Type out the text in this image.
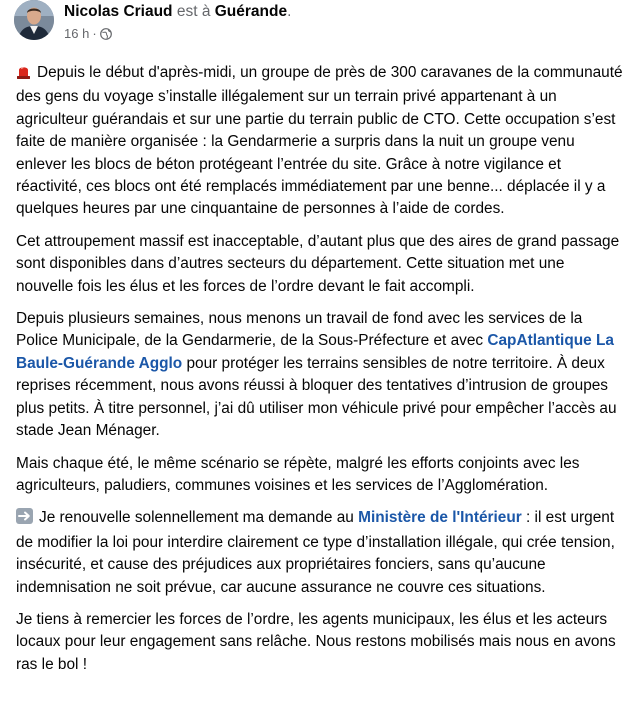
Nicolas Criaud est à Guérande.
16 h ·

Depuis le début d'après-midi, un groupe de près de 300 caravanes de la communauté des gens du voyage s’installe illégalement sur un terrain privé appartenant à un agriculteur guérandais et sur une partie du terrain public de CTO. Cette occupation s’est faite de manière organisée : la Gendarmerie a surpris dans la nuit un groupe venu enlever les blocs de béton protégeant l’entrée du site. Grâce à notre vigilance et réactivité, ces blocs ont été remplacés immédiatement par une benne... déplacée il y a quelques heures par une cinquantaine de personnes à l’aide de cordes.

Cet attroupement massif est inacceptable, d’autant plus que des aires de grand passage sont disponibles dans d’autres secteurs du département. Cette situation met une nouvelle fois les élus et les forces de l’ordre devant le fait accompli.

Depuis plusieurs semaines, nous menons un travail de fond avec les services de la Police Municipale, de la Gendarmerie, de la Sous-Préfecture et avec CapAtlantique La Baule-Guérande Agglo pour protéger les terrains sensibles de notre territoire. À deux reprises récemment, nous avons réussi à bloquer des tentatives d’intrusion de groupes plus petits. À titre personnel, j’ai dû utiliser mon véhicule privé pour empêcher l’accès au stade Jean Ménager.

Mais chaque été, le même scénario se répète, malgré les efforts conjoints avec les agriculteurs, paludiers, communes voisines et les services de l’Agglomération.

Je renouvelle solennellement ma demande au Ministère de l'Intérieur : il est urgent de modifier la loi pour interdire clairement ce type d’installation illégale, qui crée tension, insécurité, et cause des préjudices aux propriétaires fonciers, sans qu’aucune indemnisation ne soit prévue, car aucune assurance ne couvre ces situations.

Je tiens à remercier les forces de l’ordre, les agents municipaux, les élus et les acteurs locaux pour leur engagement sans relâche. Nous restons mobilisés mais nous en avons ras le bol !
